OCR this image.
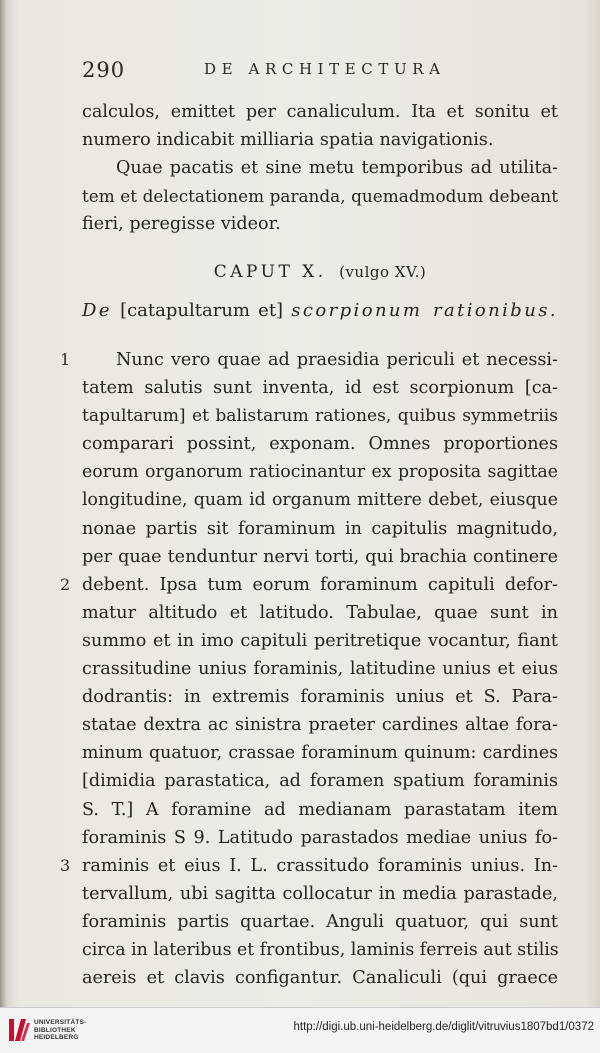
290	DE ARCHITECTURA
calculos, emittet per canaliculum. Ita et sonitu et
numero indicabit milliaria spatia navigationis.
Quae pacatis et sine metu temporibus ad utilita-
tem et delectationem paranda, quemadmodum debeant
fieri, peregisse videor.
CAPUT X. (vulgo XV.)
De [catapultarum et] scorpionum rationibus.
1	Nunc vero quae ad praesidia periculi et necessi-
tatem salutis sunt inventa, id est scorpionum [ca-
tapultarum] et balistarum rationes, quibus symmetriis
comparari possint, exponam. Omnes proportiones
eorum organorum ratiocinantur ex proposita sagittae
longitudine, quam id organum mittere debet, eiusque
nonae partis sit foraminum in capitulis magnitudo,
per quae tenduntur nervi torti, qui brachia continere
2 debent. Ipsa tum eorum foraminum capituli defor-
matur altitudo et latitudo. Tabulae, quae sunt in
summo et in imo capituli peritretique vocantur, fiant
crassitudine unius foraminis, latitudine unius et eius
dodrantis: in extremis foraminis unius et S. Para-
statae dextra ac sinistra praeter cardines altae fora-
minum quatuor, crassae foraminum quinum: cardines
[dimidia parastatica, ad foramen spatium foraminis
S. T.] A foramine ad medianam parastatam item
foraminis S 9. Latitudo parastados mediae unius fo-
3 raminis et eius I. L. crassitudo foraminis unius. In-
tervallum, ubi sagitta collocatur in media parastade,
foraminis partis quartae. Anguli quatuor, qui sunt
circa in lateribus et frontibus, laminis ferreis aut stilis
aereis et clavis configantur. Canaliculi (qui graece
UNIVERSITÄTS-
BIBLIOTHEK
HEIDELBERG
http://digi.ub.uni-heidelberg.de/diglit/vitruvius1807bd1/0372
